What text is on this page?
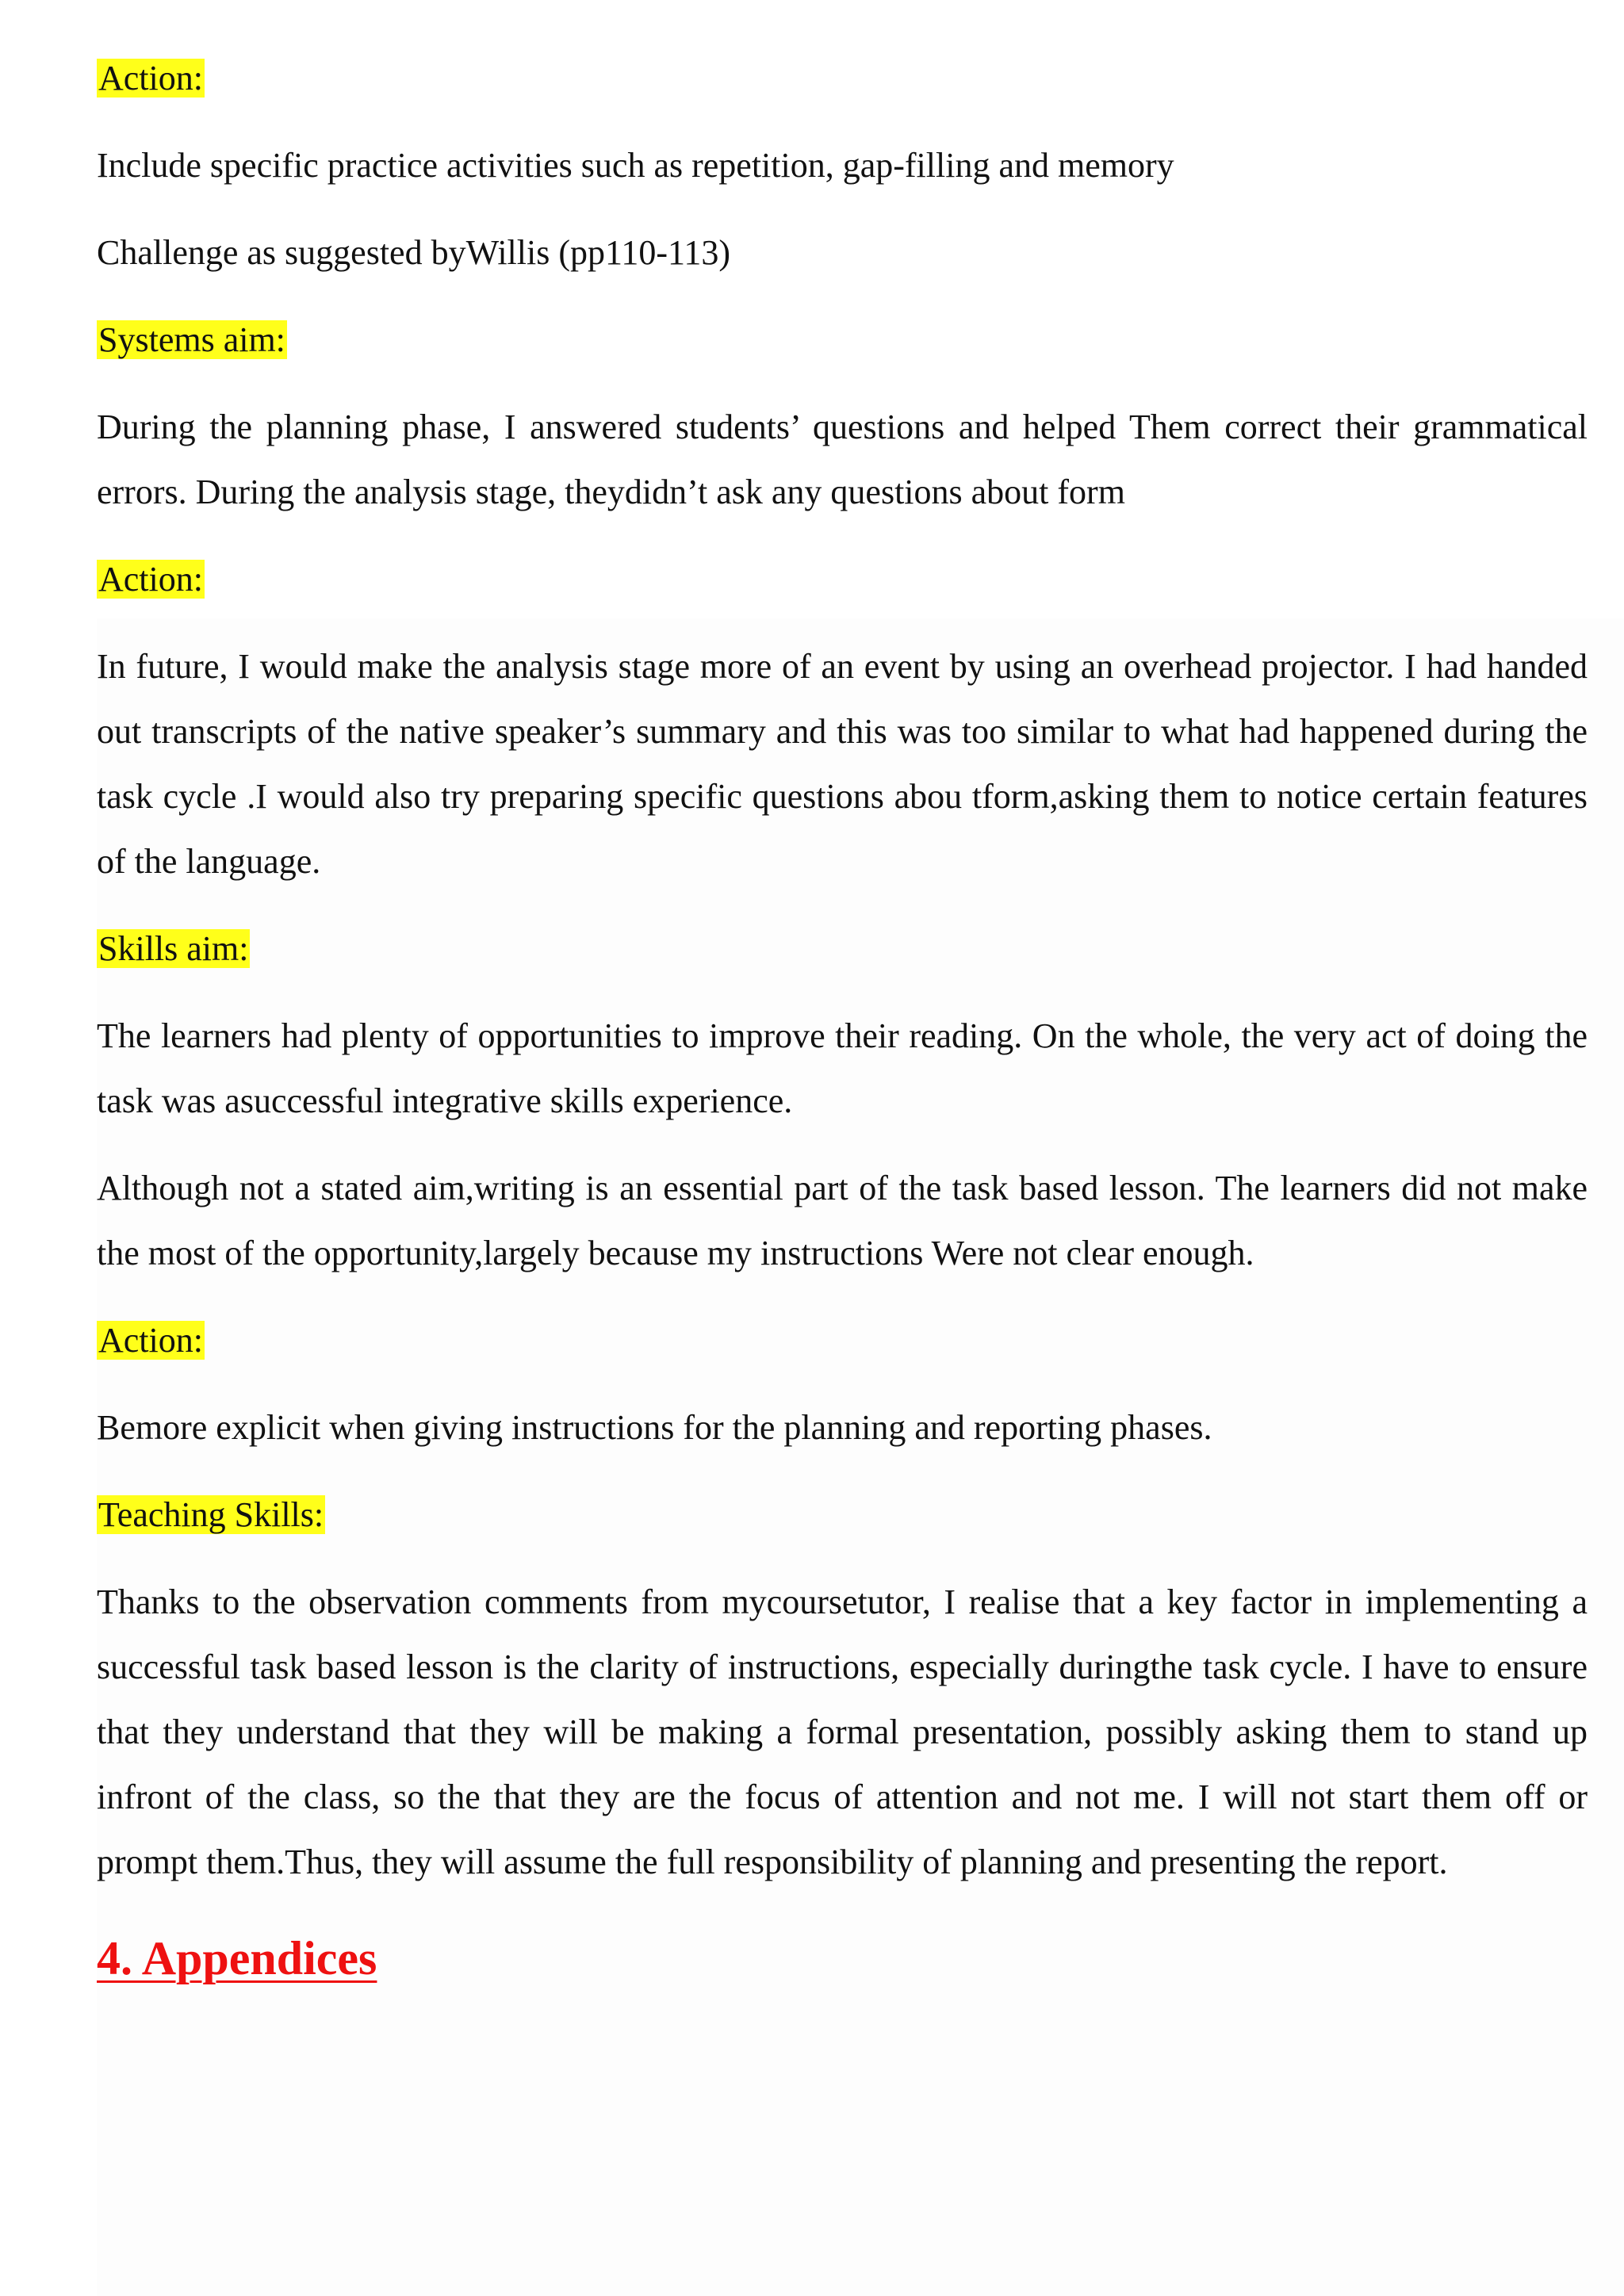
Action:

Include specific practice activities such as repetition, gap-filling and memory

Challenge as suggested byWillis (pp110-113)

Systems aim:

During the planning phase, I answered students’ questions and helped Them correct their grammatical errors. During the analysis stage, theydidn’t ask any questions about form

Action:

In future, I would make the analysis stage more of an event by using an overhead projector. I had handed out transcripts of the native speaker’s summary and this was too similar to what had happened during the task cycle .I would also try preparing specific questions abou tform,asking them to notice certain features of the language.

Skills aim:

The learners had plenty of opportunities to improve their reading. On the whole, the very act of doing the task was asuccessful integrative skills experience.

Although not a stated aim,writing is an essential part of the task based lesson. The learners did not make the most of the opportunity,largely because my instructions Were not clear enough.

Action:

Bemore explicit when giving instructions for the planning and reporting phases.

Teaching Skills:

Thanks to the observation comments from mycoursetutor, I realise that a key factor in implementing a successful task based lesson is the clarity of instructions, especially duringthe task cycle. I have to ensure that they understand that they will be making a formal presentation, possibly asking them to stand up infront of the class, so the that they are the focus of attention and not me. I will not start them off or prompt them.Thus, they will assume the full responsibility of planning and presenting the report.

4. Appendices
